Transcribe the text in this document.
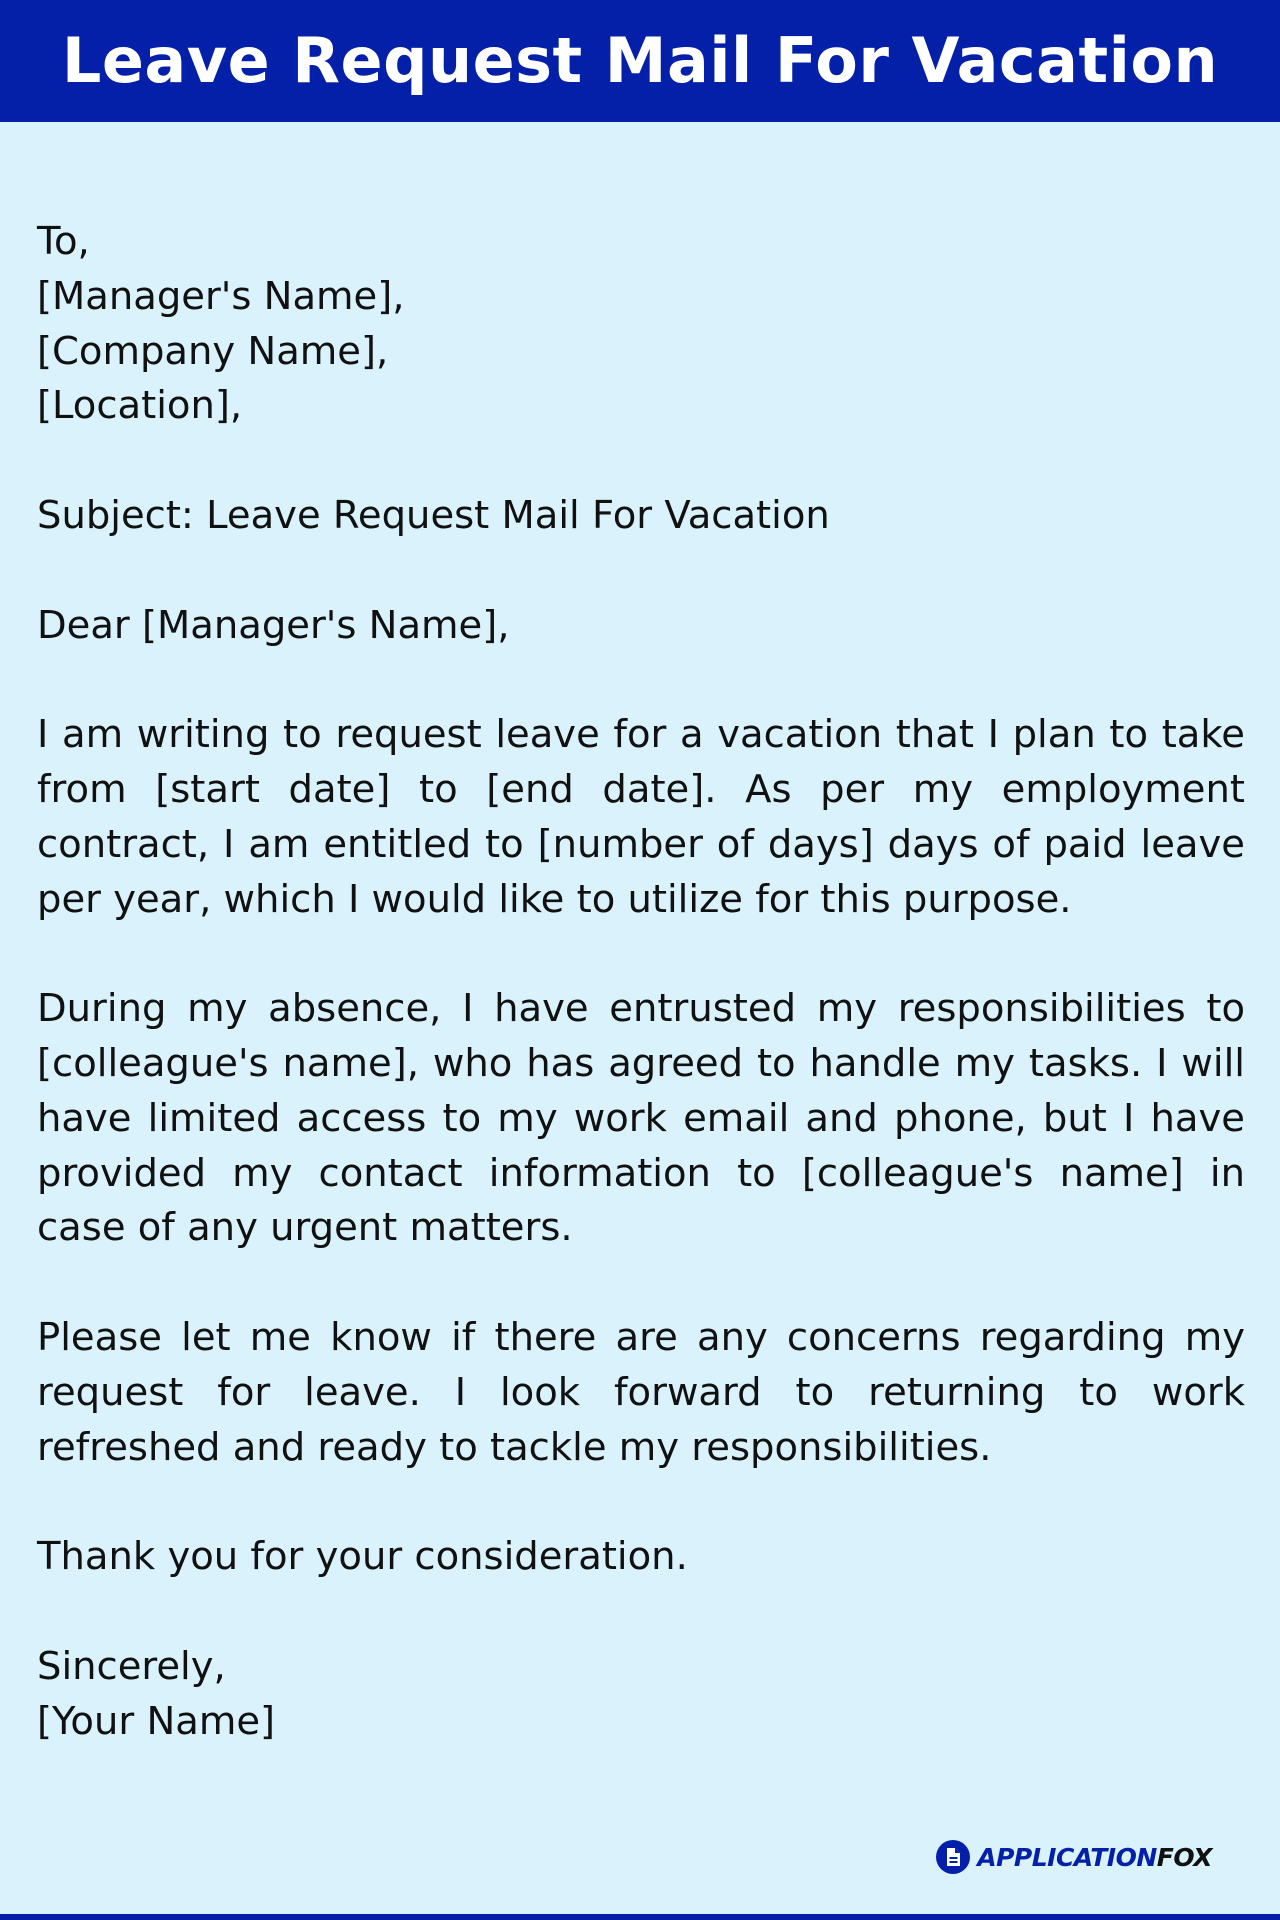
Leave Request Mail For Vacation

To,
[Manager's Name],
[Company Name],
[Location],

Subject: Leave Request Mail For Vacation

Dear [Manager's Name],

I am writing to request leave for a vacation that I plan to take from [start date] to [end date]. As per my employment contract, I am entitled to [number of days] days of paid leave per year, which I would like to utilize for this purpose.

During my absence, I have entrusted my responsibilities to [colleague's name], who has agreed to handle my tasks. I will have limited access to my work email and phone, but I have provided my contact information to [colleague's name] in case of any urgent matters.

Please let me know if there are any concerns regarding my request for leave. I look forward to returning to work refreshed and ready to tackle my responsibilities.

Thank you for your consideration.

Sincerely,
[Your Name]

APPLICATION FOX
